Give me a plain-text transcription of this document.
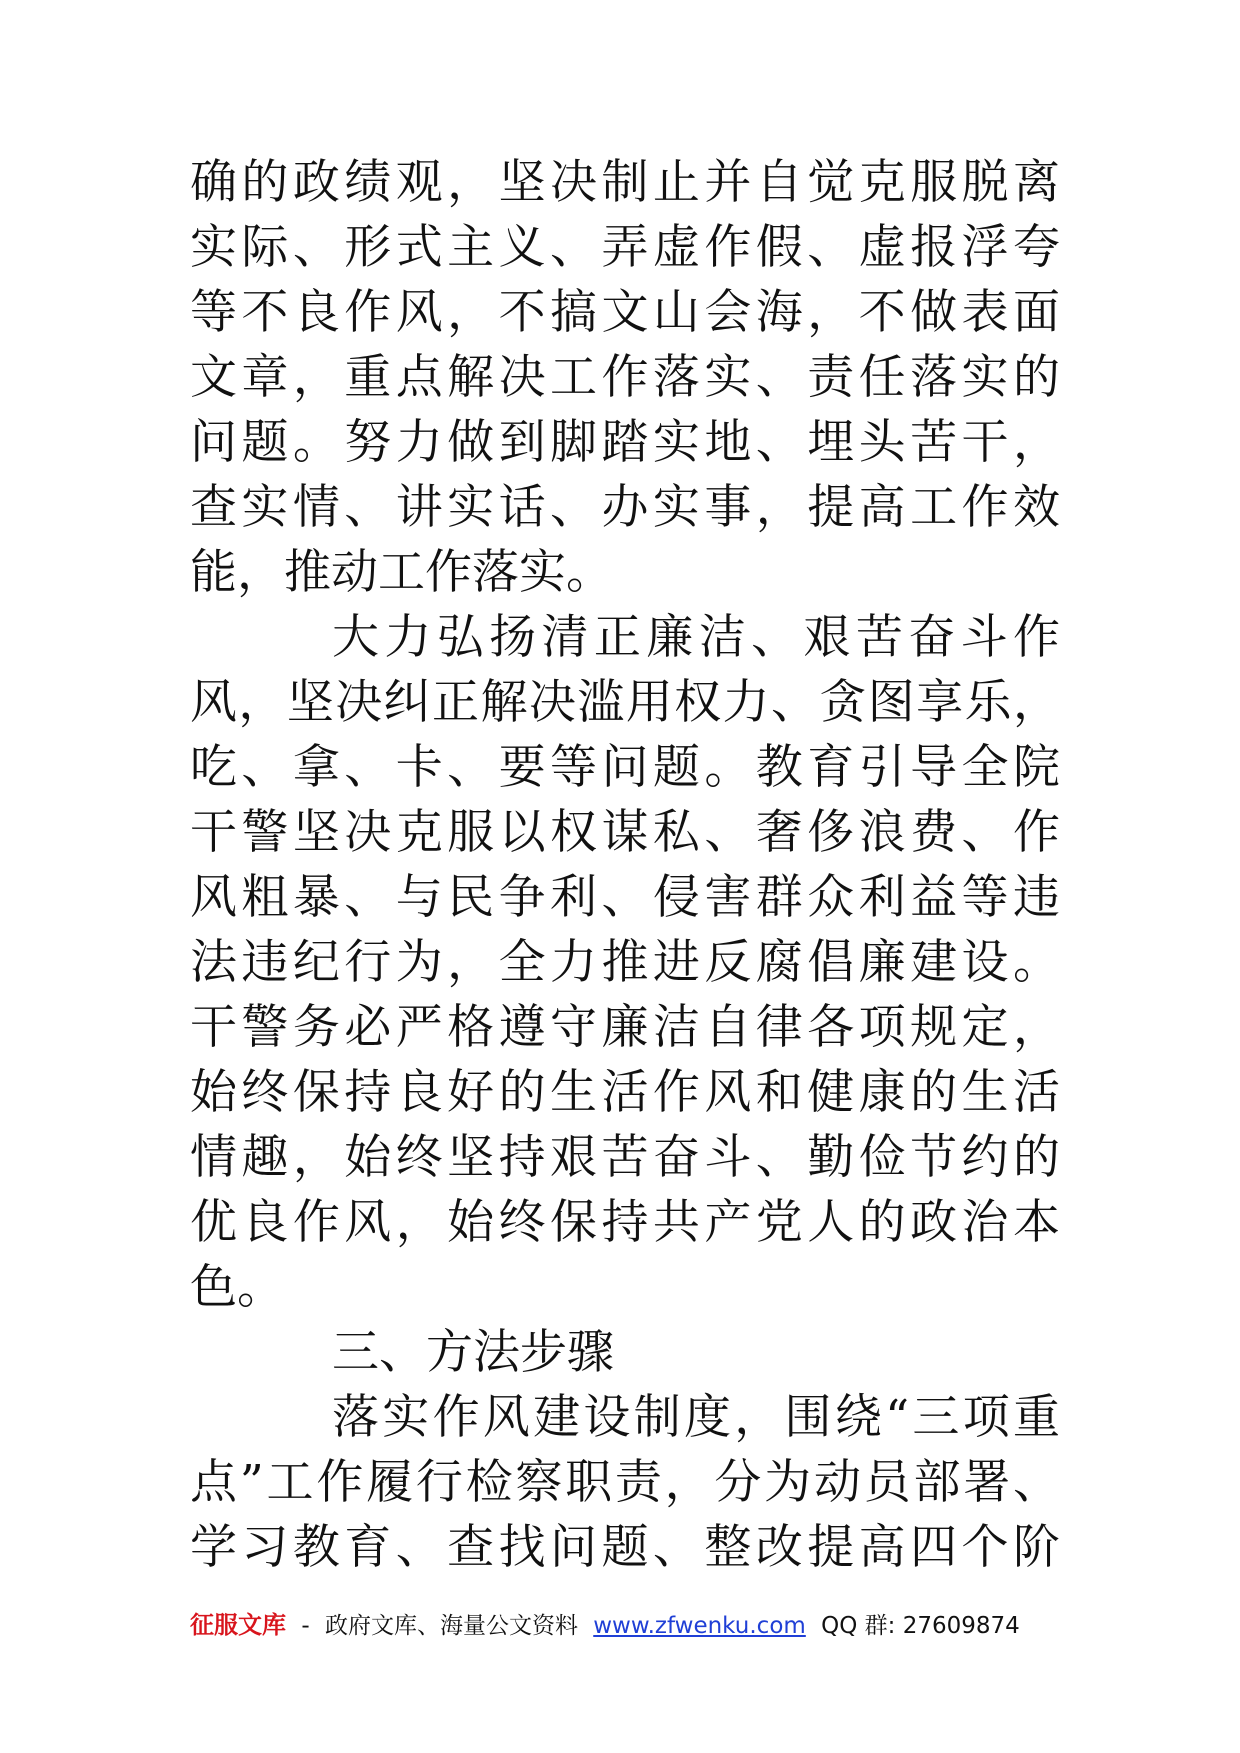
确的政绩观，坚决制止并自觉克服脱离
实际、形式主义、弄虚作假、虚报浮夸
等不良作风，不搞文山会海，不做表面
文章，重点解决工作落实、责任落实的
问题。努力做到脚踏实地、埋头苦干，
查实情、讲实话、办实事，提高工作效
能，推动工作落实。
大力弘扬清正廉洁、艰苦奋斗作
风，坚决纠正解决滥用权力、贪图享乐，
吃、拿、卡、要等问题。教育引导全院
干警坚决克服以权谋私、奢侈浪费、作
风粗暴、与民争利、侵害群众利益等违
法违纪行为，全力推进反腐倡廉建设。
干警务必严格遵守廉洁自律各项规定，
始终保持良好的生活作风和健康的生活
情趣，始终坚持艰苦奋斗、勤俭节约的
优良作风，始终保持共产党人的政治本
色。
三、方法步骤
落实作风建设制度，围绕“三项重
点”工作履行检察职责，分为动员部署、
学习教育、查找问题、整改提高四个阶
征服文库 - 政府文库、海量公文资料 www.zfwenku.com QQ 群: 27609874
